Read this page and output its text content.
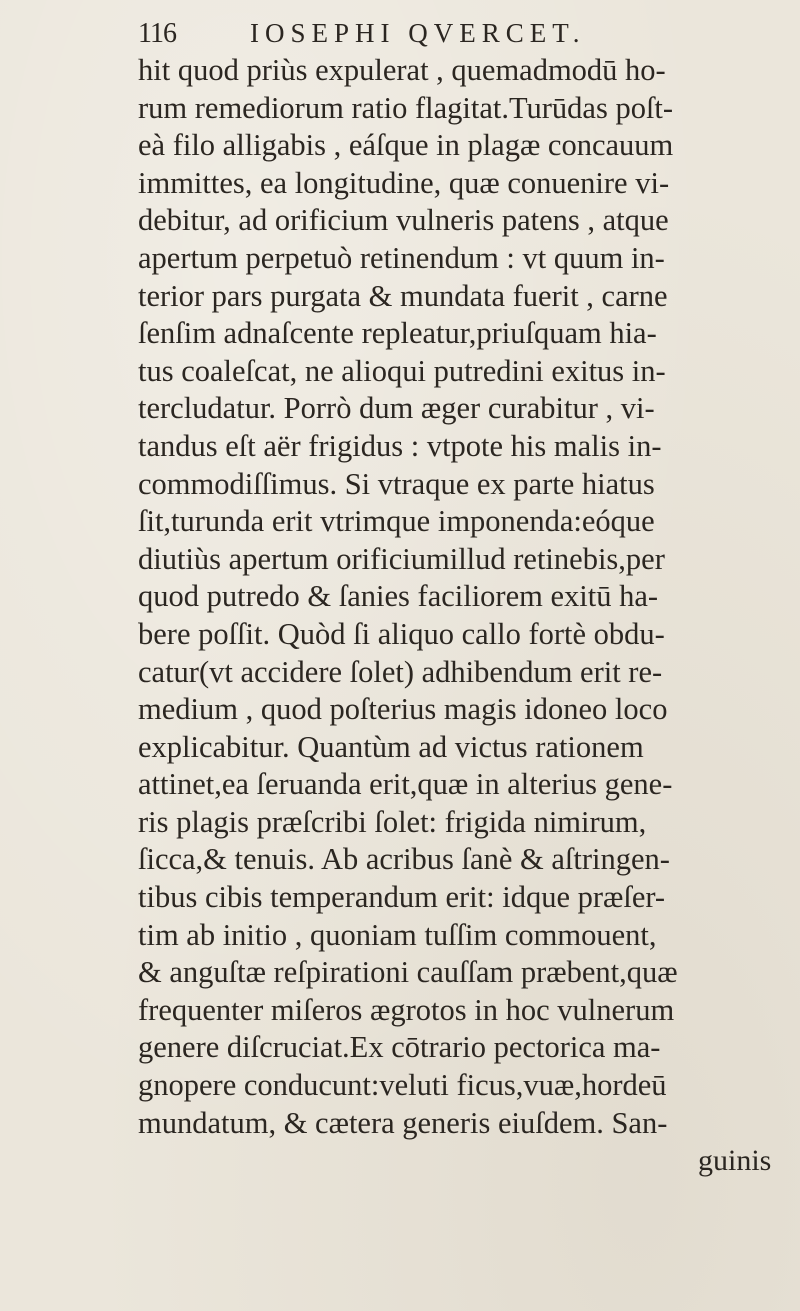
116	IOSEPHI QVERCET.
hit quod priùs expulerat , quemadmodū ho-
rum remediorum ratio flagitat.Turūdas poſt-
eà filo alligabis , eáſque in plagæ concauum
immittes, ea longitudine, quæ conuenire vi-
debitur, ad orificium vulneris patens , atque
apertum perpetuò retinendum : vt quum in-
terior pars purgata & mundata fuerit , carne
ſenſim adnaſcente repleatur,priuſquam hia-
tus coaleſcat, ne alioqui putredini exitus in-
tercludatur. Porrò dum æger curabitur , vi-
tandus eſt aër frigidus : vtpote his malis in-
commodiſſimus. Si vtraque ex parte hiatus
ſit,turunda erit vtrimque imponenda:eóque
diutiùs apertum orificiumillud retinebis,per
quod putredo & ſanies faciliorem exitū ha-
bere poſſit. Quòd ſi aliquo callo fortè obdu-
catur(vt accidere ſolet) adhibendum erit re-
medium , quod poſterius magis idoneo loco
explicabitur. Quantùm ad victus rationem
attinet,ea ſeruanda erit,quæ in alterius gene-
ris plagis præſcribi ſolet: frigida nimirum,
ſicca,& tenuis. Ab acribus ſanè & aſtringen-
tibus cibis temperandum erit: idque præſer-
tim ab initio , quoniam tuſſim commouent,
& anguſtæ reſpirationi cauſſam præbent,quæ
frequenter miſeros ægrotos in hoc vulnerum
genere diſcruciat.Ex cōtrario pectorica ma-
gnopere conducunt:veluti ficus,vuæ,hordeū
mundatum, & cætera generis eiuſdem. San-
guinis
